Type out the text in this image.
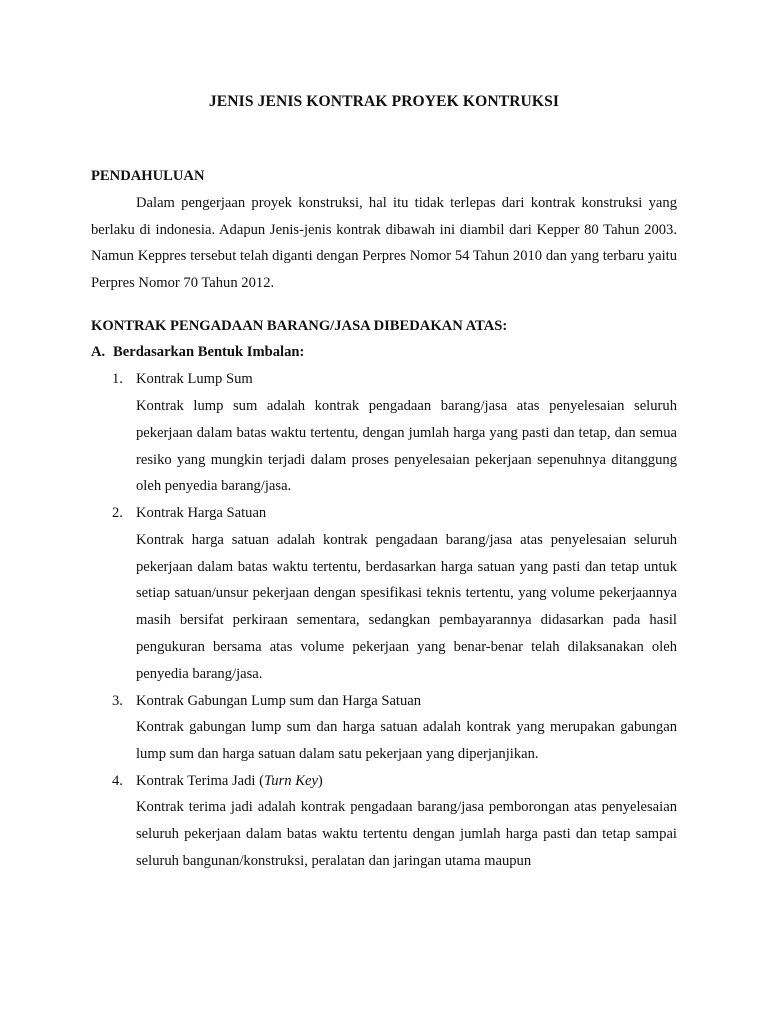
JENIS JENIS KONTRAK PROYEK KONTRUKSI
PENDAHULUAN

Dalam pengerjaan proyek konstruksi, hal itu tidak terlepas dari kontrak konstruksi yang berlaku di indonesia. Adapun Jenis-jenis kontrak dibawah ini diambil dari Kepper 80 Tahun 2003. Namun Keppres tersebut telah diganti dengan Perpres Nomor 54 Tahun 2010 dan yang terbaru yaitu Perpres Nomor 70 Tahun 2012.

KONTRAK PENGADAAN BARANG/JASA DIBEDAKAN ATAS:
A. Berdasarkan Bentuk Imbalan:
1. Kontrak Lump Sum

Kontrak lump sum adalah kontrak pengadaan barang/jasa atas penyelesaian seluruh pekerjaan dalam batas waktu tertentu, dengan jumlah harga yang pasti dan tetap, dan semua resiko yang mungkin terjadi dalam proses penyelesaian pekerjaan sepenuhnya ditanggung oleh penyedia barang/jasa.

2. Kontrak Harga Satuan

Kontrak harga satuan adalah kontrak pengadaan barang/jasa atas penyelesaian seluruh pekerjaan dalam batas waktu tertentu, berdasarkan harga satuan yang pasti dan tetap untuk setiap satuan/unsur pekerjaan dengan spesifikasi teknis tertentu, yang volume pekerjaannya masih bersifat perkiraan sementara, sedangkan pembayarannya didasarkan pada hasil pengukuran bersama atas volume pekerjaan yang benar-benar telah dilaksanakan oleh penyedia barang/jasa.

3. Kontrak Gabungan Lump sum dan Harga Satuan

Kontrak gabungan lump sum dan harga satuan adalah kontrak yang merupakan gabungan lump sum dan harga satuan dalam satu pekerjaan yang diperjanjikan.

4. Kontrak Terima Jadi (Turn Key)

Kontrak terima jadi adalah kontrak pengadaan barang/jasa pemborongan atas penyelesaian seluruh pekerjaan dalam batas waktu tertentu dengan jumlah harga pasti dan tetap sampai seluruh bangunan/konstruksi, peralatan dan jaringan utama maupun
